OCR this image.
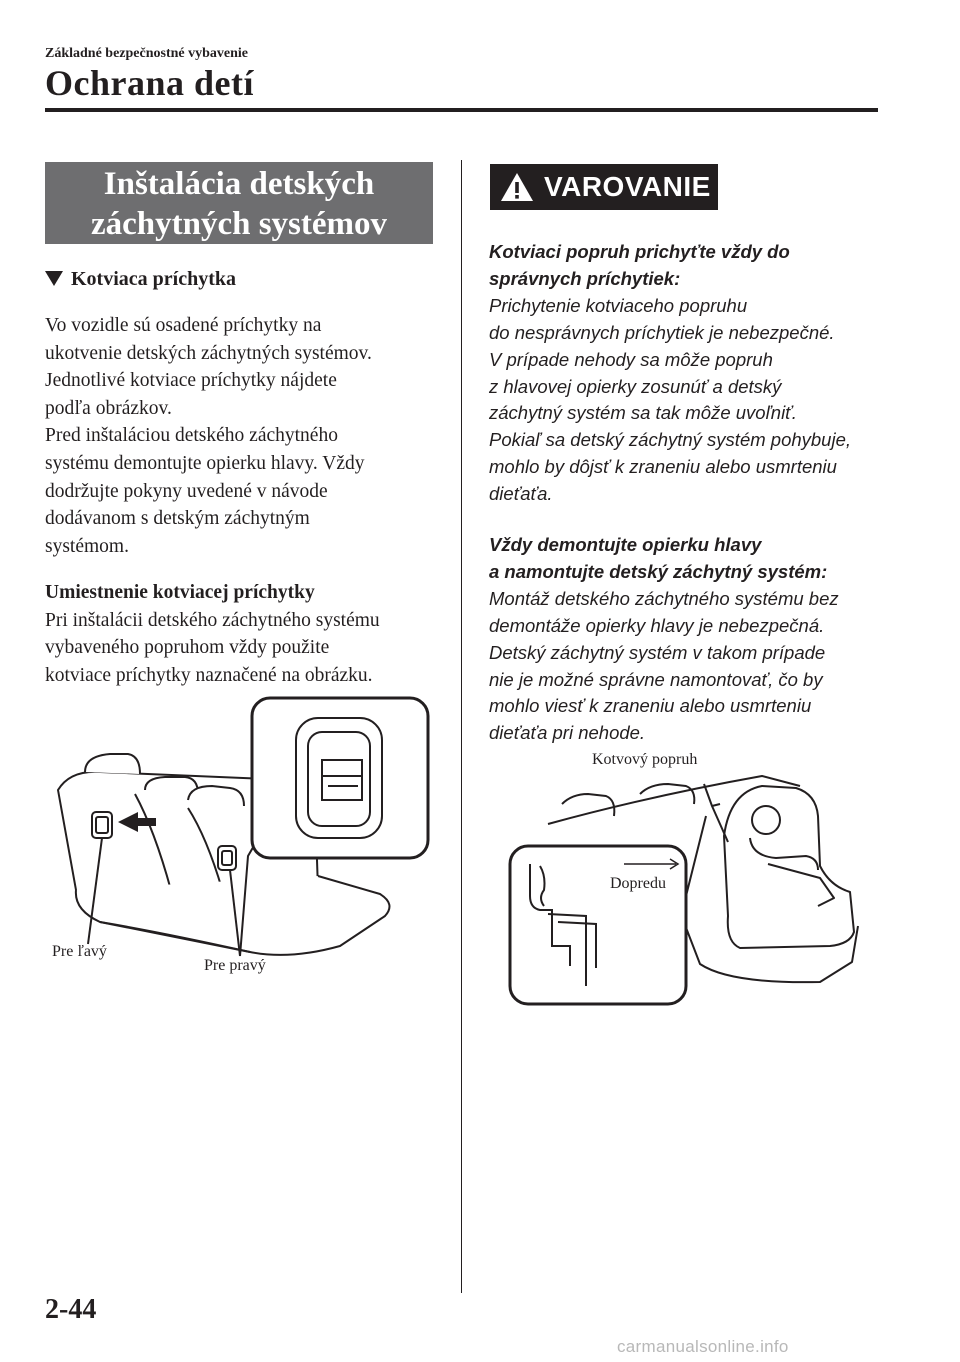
Základné bezpečnostné vybavenie
Ochrana detí
Inštalácia detských
záchytných systémov
Kotviaca príchytka
Vo vozidle sú osadené príchytky na
ukotvenie detských záchytných systémov.
Jednotlivé kotviace príchytky nájdete
podľa obrázkov.
Pred inštaláciou detského záchytného
systému demontujte opierku hlavy. Vždy
dodržujte pokyny uvedené v návode
dodávanom s detským záchytným
systémom.
Umiestnenie kotviacej príchytky
Pri inštalácii detského záchytného systému
vybaveného popruhom vždy použite
kotviace príchytky naznačené na obrázku.
Pre ľavý
Pre pravý
VAROVANIE
Kotviaci popruh prichyťte vždy do
správnych príchytiek:
Prichytenie kotviaceho popruhu
do nesprávnych príchytiek je nebezpečné.
V prípade nehody sa môže popruh
z hlavovej opierky zosunúť a detský
záchytný systém sa tak môže uvoľniť.
Pokiaľ sa detský záchytný systém pohybuje,
mohlo by dôjsť k zraneniu alebo usmrteniu
dieťaťa.
Vždy demontujte opierku hlavy
a namontujte detský záchytný systém:
Montáž detského záchytného systému bez
demontáže opierky hlavy je nebezpečná.
Detský záchytný systém v takom prípade
nie je možné správne namontovať, čo by
mohlo viesť k zraneniu alebo usmrteniu
dieťaťa pri nehode.
Dopredu
Kotvový popruh
2-44
carmanualsonline.info
